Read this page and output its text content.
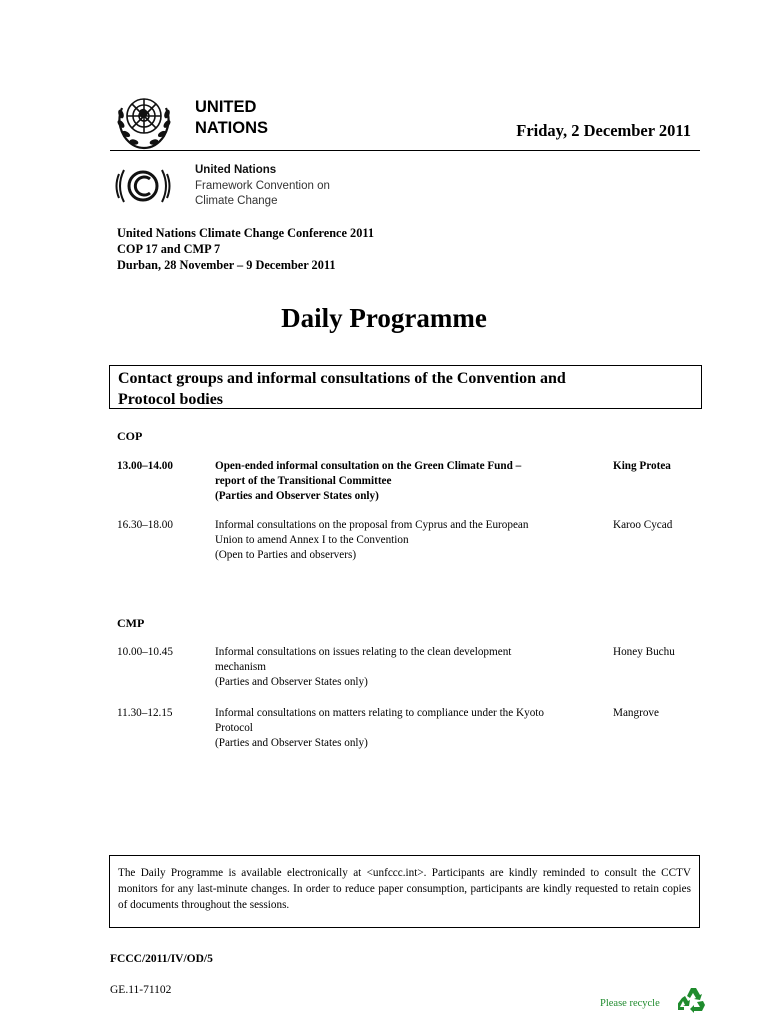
UNITED
NATIONS	Friday, 2 December 2011
United Nations
Framework Convention on
Climate Change
United Nations Climate Change Conference 2011
COP 17 and CMP 7
Durban, 28 November – 9 December 2011
Daily Programme
Contact groups and informal consultations of the Convention and
Protocol bodies
COP
13.00–14.00	Open-ended informal consultation on the Green Climate Fund –
report of the Transitional Committee
(Parties and Observer States only)
King Protea
16.30–18.00	Informal consultations on the proposal from Cyprus and the European
Union to amend Annex I to the Convention
(Open to Parties and observers)
Karoo Cycad
CMP
10.00–10.45	Informal consultations on issues relating to the clean development
mechanism
(Parties and Observer States only)
Honey Buchu
11.30–12.15	Informal consultations on matters relating to compliance under the Kyoto
Protocol
(Parties and Observer States only)
Mangrove
The Daily Programme is available electronically at <unfccc.int>. Participants are kindly reminded to consult the CCTV monitors for any last-minute changes. In order to reduce paper consumption, participants are kindly requested to retain copies of documents throughout the sessions.
FCCC/2011/IV/OD/5
GE.11-71102
Please recycle
